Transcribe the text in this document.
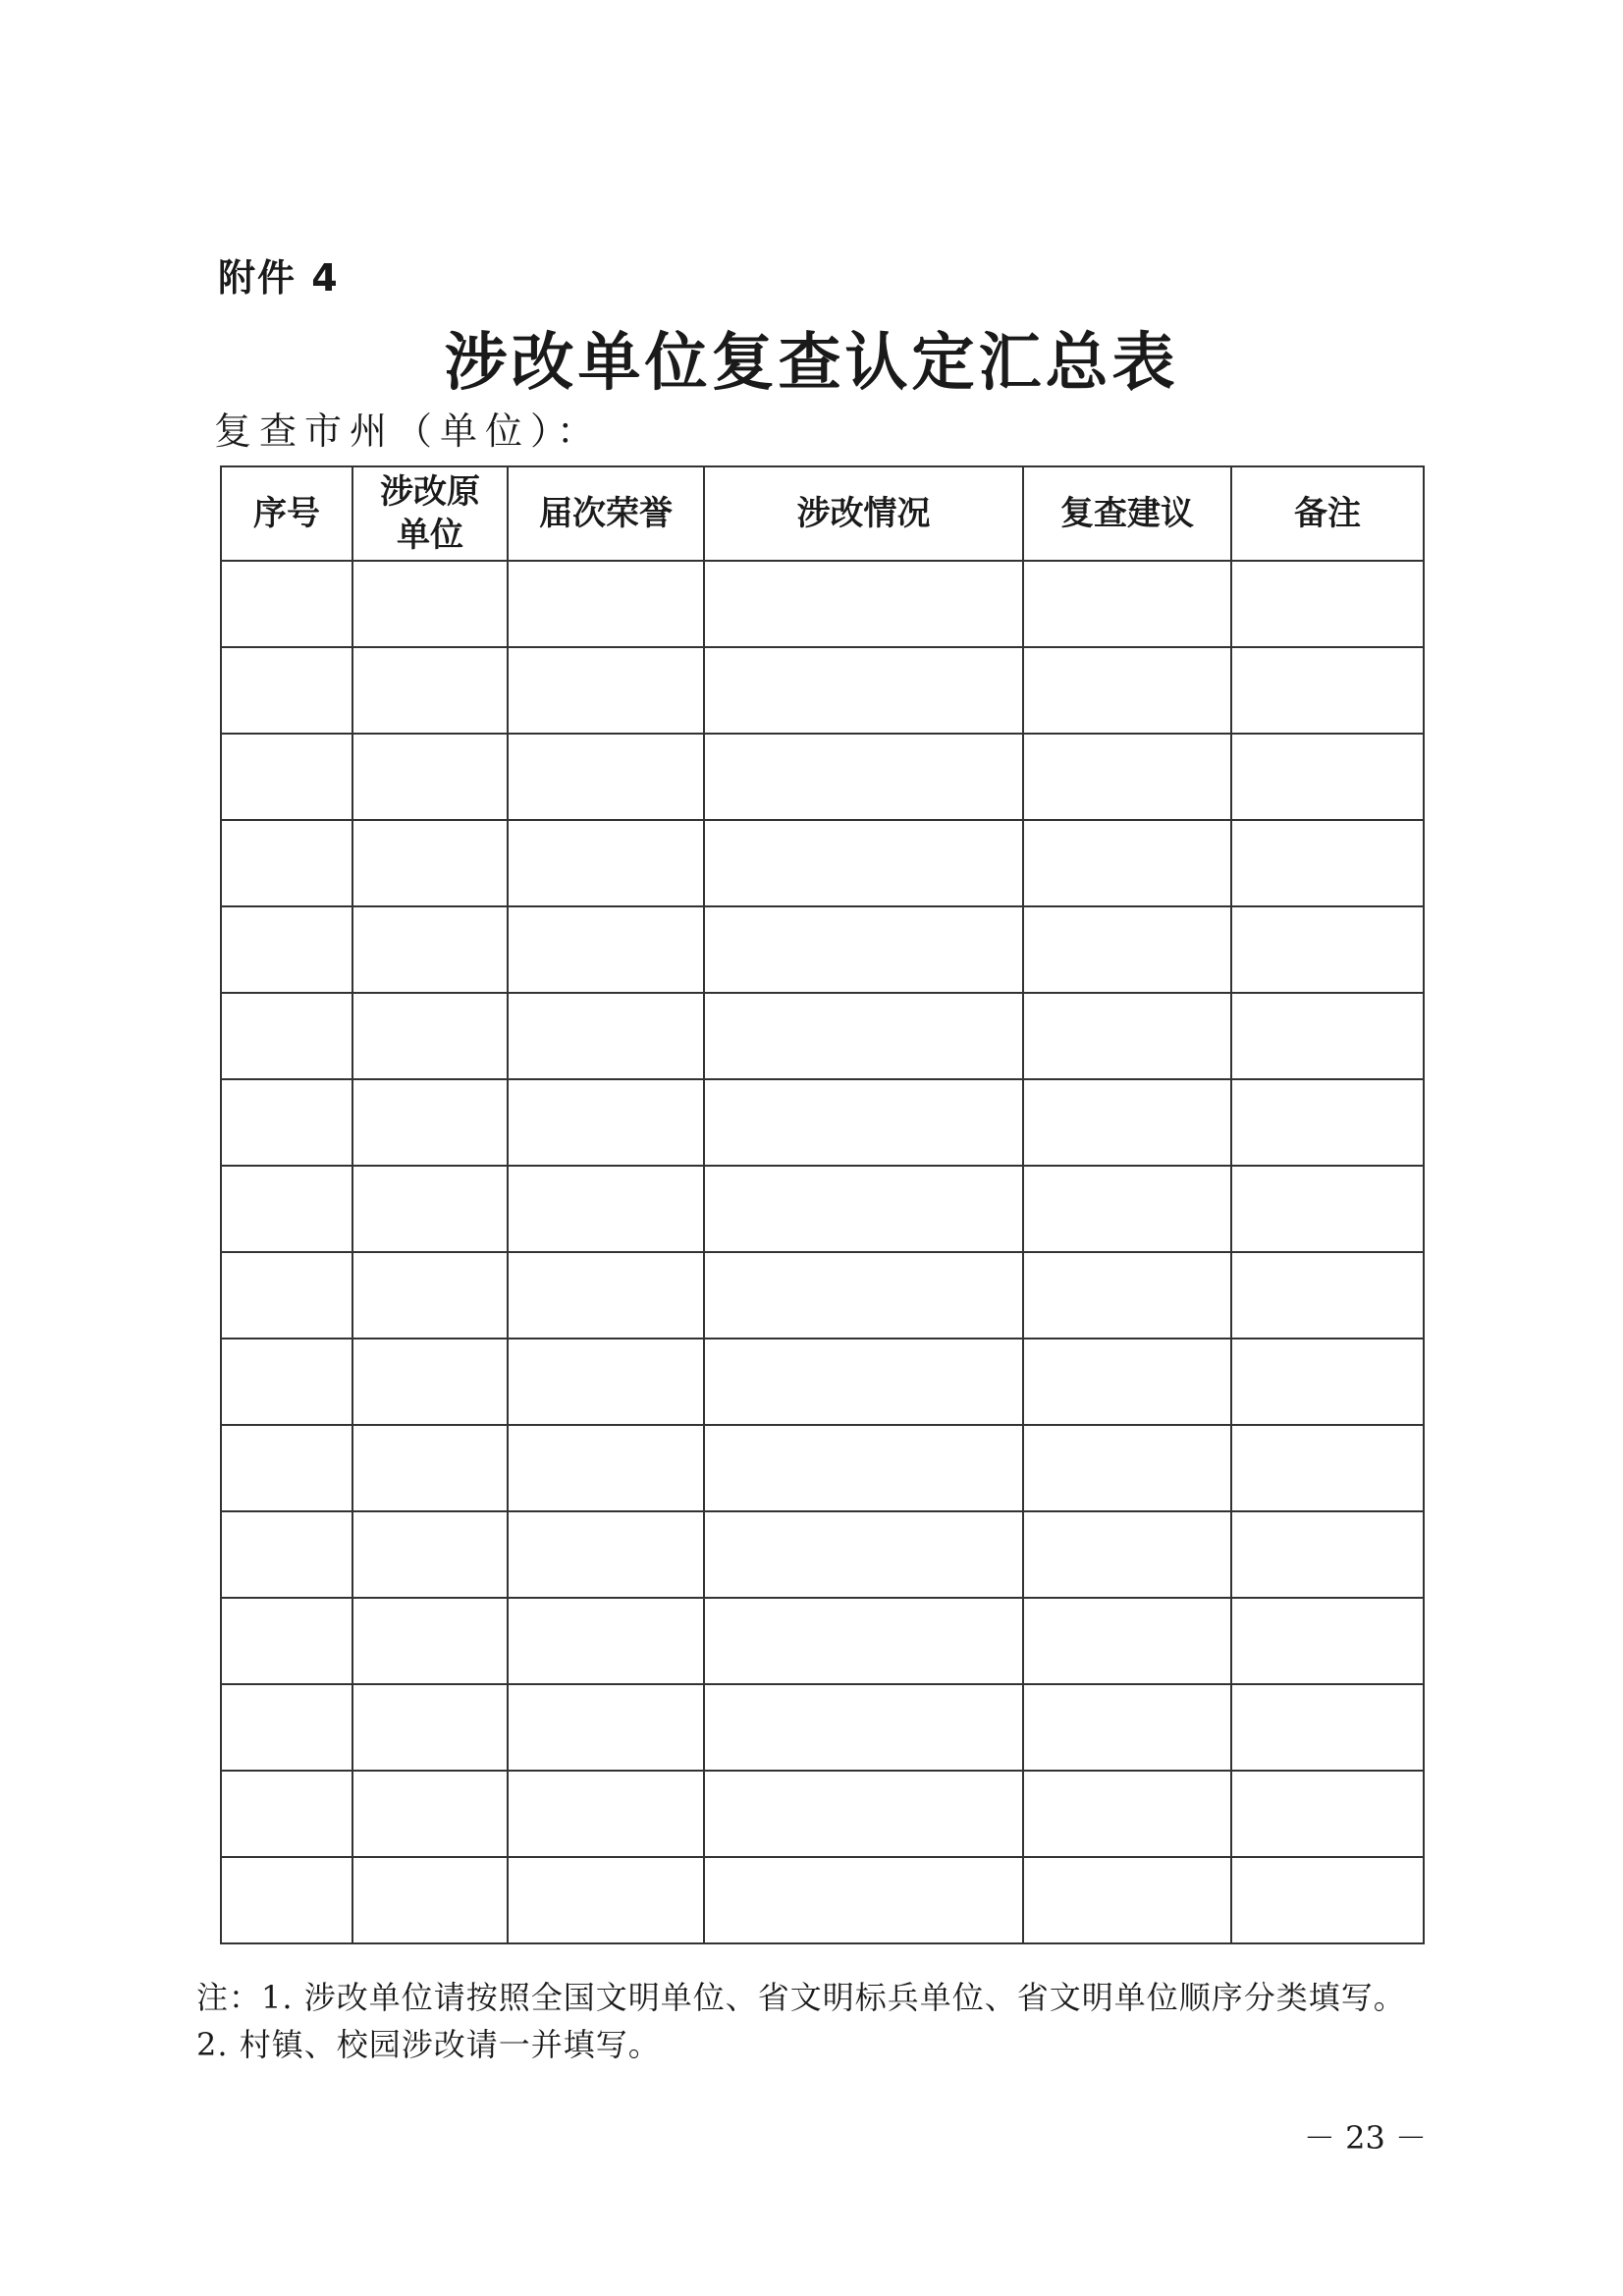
附件 4
涉改单位复查认定汇总表
复查市州（单位）：
序号	涉改原单位	届次荣誉	涉改情况	复查建议	备注

注：1. 涉改单位请按照全国文明单位、省文明标兵单位、省文明单位顺序分类填写。
2. 村镇、校园涉改请一并填写。
－ 23 －
